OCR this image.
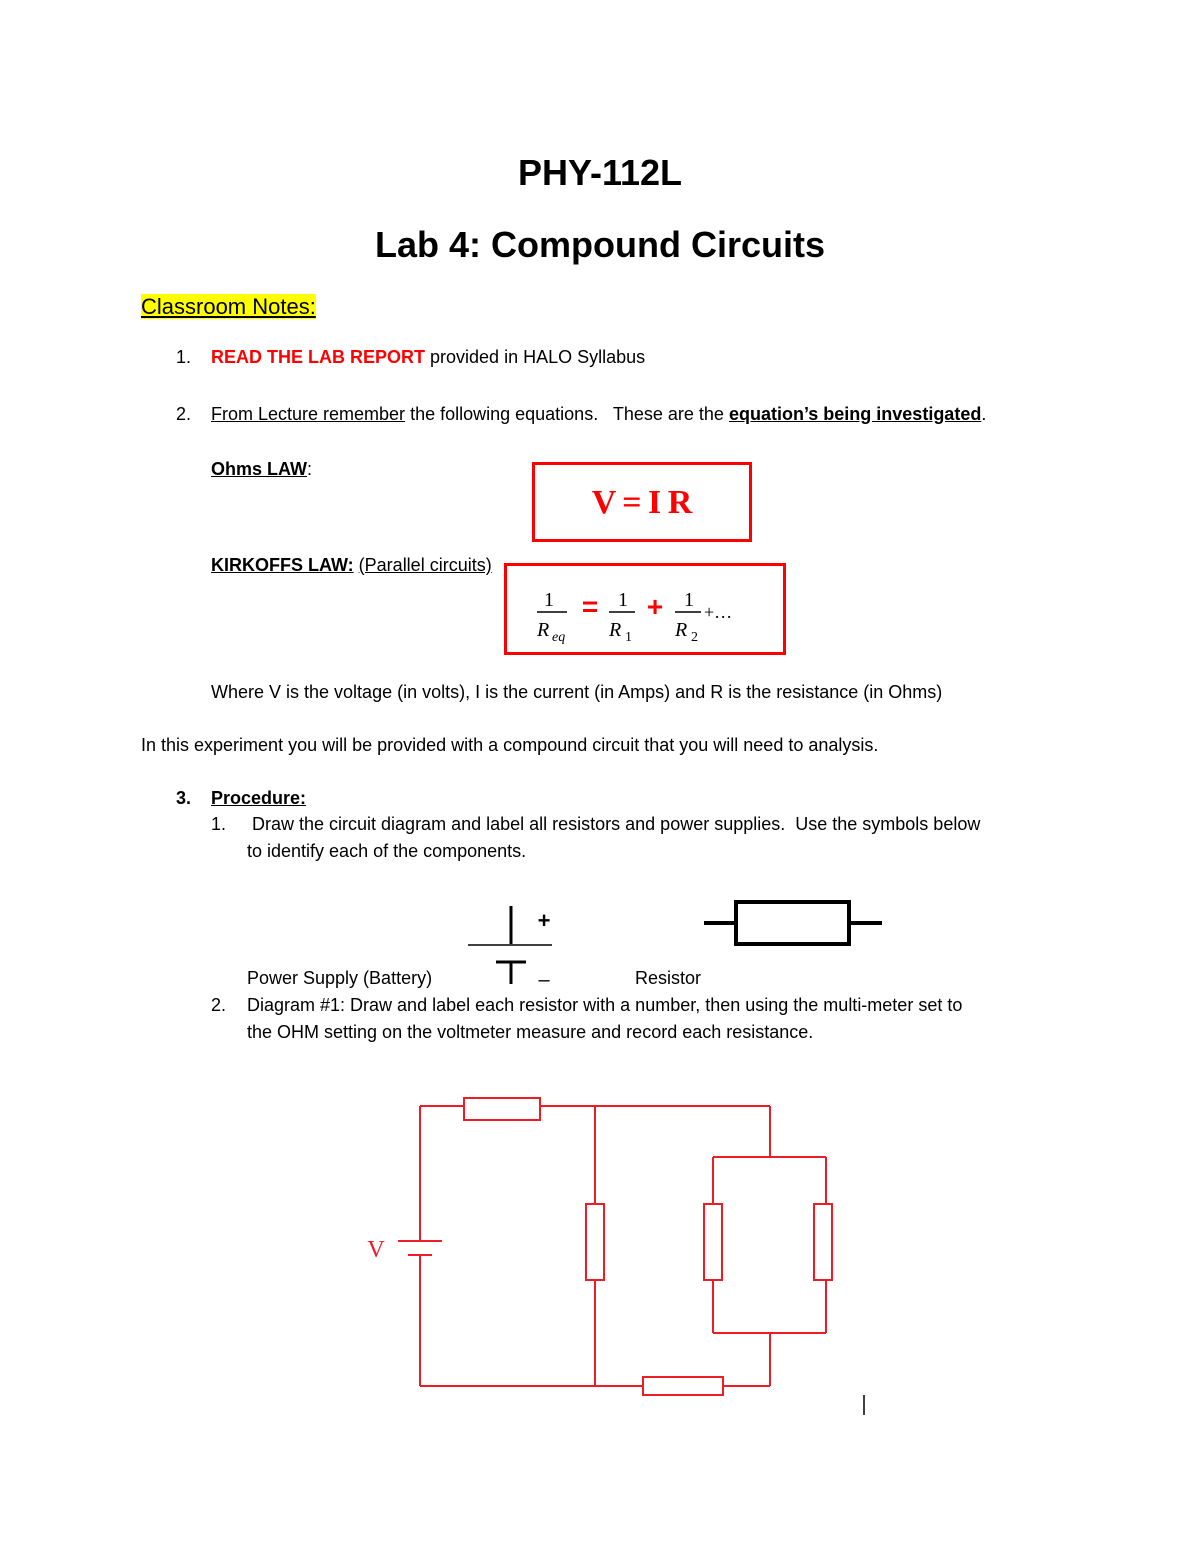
PHY-112L
Lab 4: Compound Circuits
Classroom Notes:
1. READ THE LAB REPORT provided in HALO Syllabus
2. From Lecture remember the following equations.   These are the equation’s being investigated.
Ohms LAW:
V = I R
KIRKOFFS LAW: (Parallel circuits)
1
R eq
= 1
R 1
+ 1
R 2
+…
Where V is the voltage (in volts), I is the current (in Amps) and R is the resistance (in Ohms)
In this experiment you will be provided with a compound circuit that you will need to analysis.
3. Procedure:
1. Draw the circuit diagram and label all resistors and power supplies.  Use the symbols below
to identify each of the components.
+
–
Power Supply (Battery)	Resistor
2. Diagram #1: Draw and label each resistor with a number, then using the multi-meter set to
the OHM setting on the voltmeter measure and record each resistance.
V
